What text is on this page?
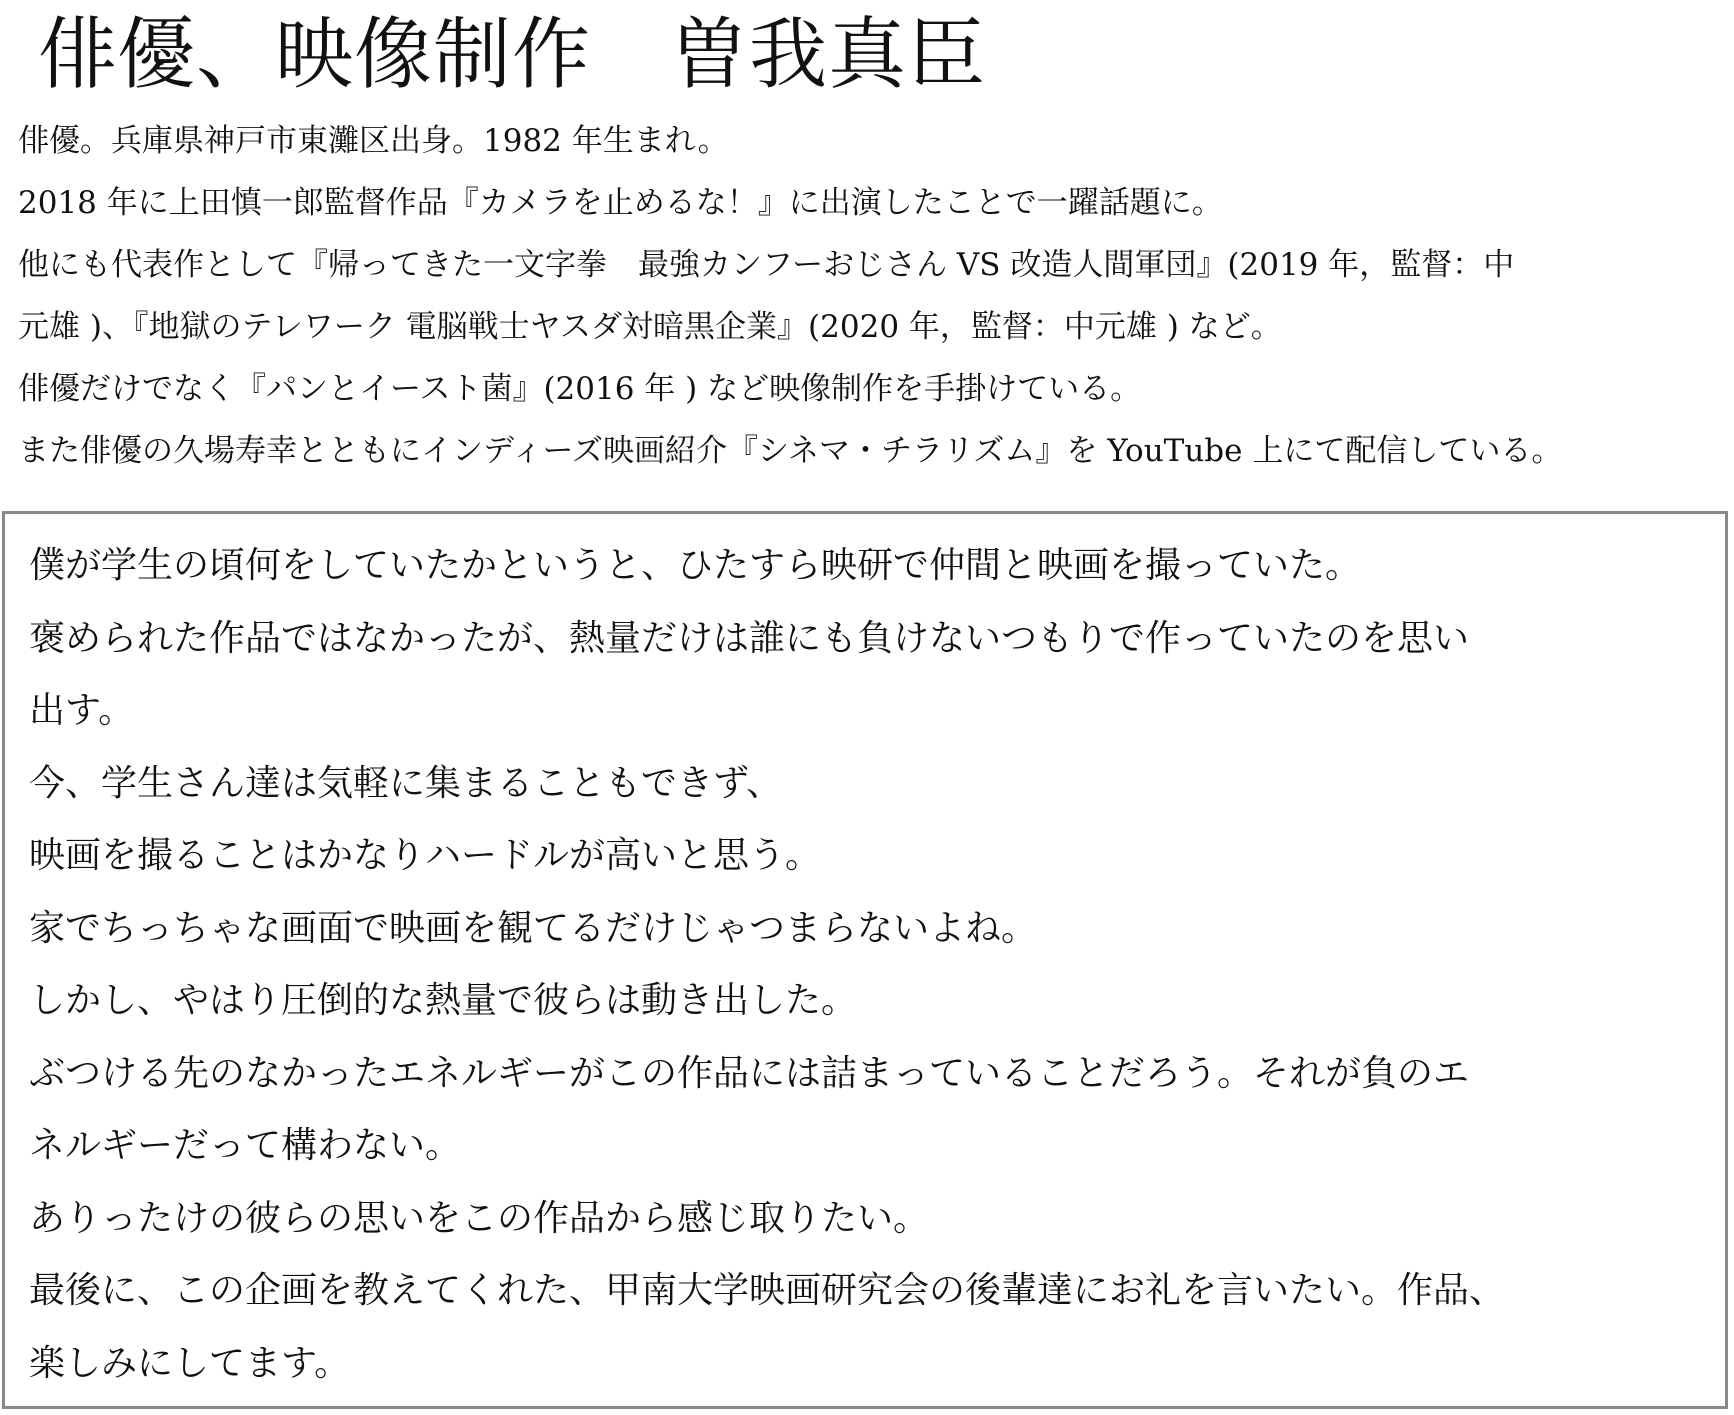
俳優、映像制作　曽我真臣
俳優。兵庫県神戸市東灘区出身。1982 年生まれ。
2018 年に上田慎一郎監督作品『カメラを止めるな！』に出演したことで一躍話題に。
他にも代表作として『帰ってきた一文字拳　最強カンフーおじさん VS 改造人間軍団』(2019 年，監督：中
元雄 )、『地獄のテレワーク 電脳戦士ヤスダ対暗黒企業』(2020 年，監督：中元雄 ) など。
俳優だけでなく『パンとイースト菌』(2016 年 ) など映像制作を手掛けている。
また俳優の久場寿幸とともにインディーズ映画紹介『シネマ・チラリズム』を YouTube 上にて配信している。
僕が学生の頃何をしていたかというと、ひたすら映研で仲間と映画を撮っていた。
褒められた作品ではなかったが、熱量だけは誰にも負けないつもりで作っていたのを思い
出す。
今、学生さん達は気軽に集まることもできず、
映画を撮ることはかなりハードルが高いと思う。
家でちっちゃな画面で映画を観てるだけじゃつまらないよね。
しかし、やはり圧倒的な熱量で彼らは動き出した。
ぶつける先のなかったエネルギーがこの作品には詰まっていることだろう。それが負のエ
ネルギーだって構わない。
ありったけの彼らの思いをこの作品から感じ取りたい。
最後に、この企画を教えてくれた、甲南大学映画研究会の後輩達にお礼を言いたい。作品、
楽しみにしてます。
